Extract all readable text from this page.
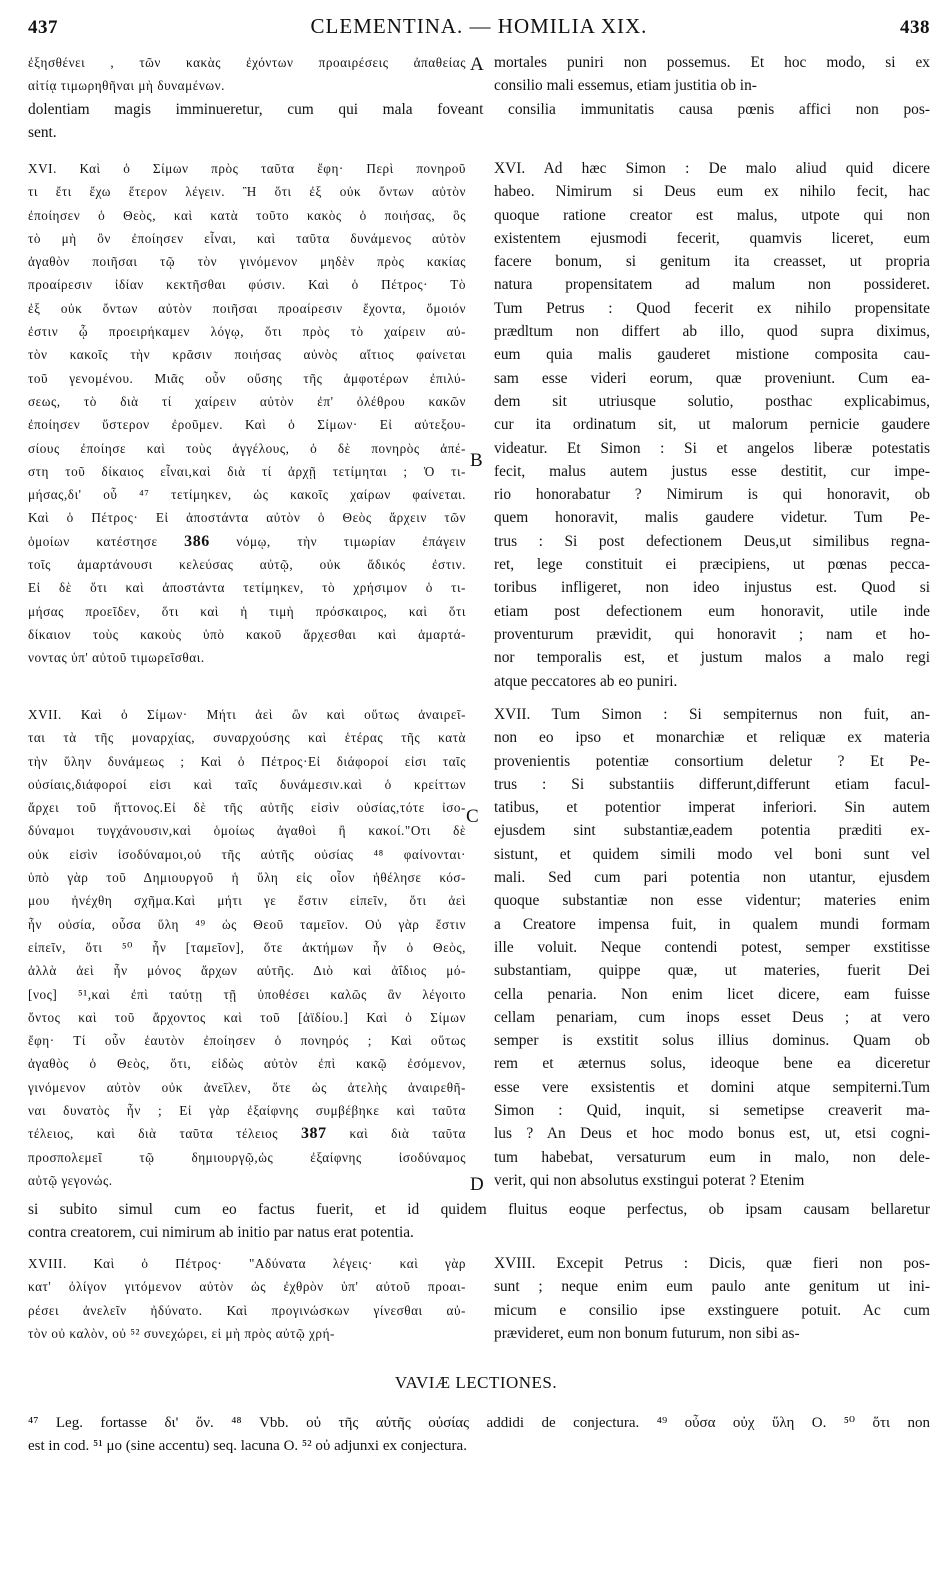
437	CLEMENTINA. — HOMILIA XIX.	438
ἐξησθένει , τῶν κακὰς ἐχόντων προαιρέσεις ἀπαθείας
αἰτίᾳ τιμωρηθῆναι μὴ δυναμένων.
mortales puniri non possemus. Et hoc modo, si ex
consilio mali essemus, etiam justitia ob in-
dolentiam magis imminueretur, cum qui mala foveant consilia immunitatis causa pœnis affici non pos-
sent.
XVI. Καὶ ὁ Σίμων πρὸς ταῦτα ἔφη· Περὶ πονηροῦ
τι ἔτι ἔχω ἕτερον λέγειν. Ἢ ὅτι ἐξ οὐκ ὄντων αὐτὸν
ἐποίησεν ὁ Θεὸς, καὶ κατὰ τοῦτο κακὸς ὁ ποιήσας, ὃς
τὸ μὴ ὂν ἐποίησεν εἶναι, καὶ ταῦτα δυνάμενος αὐτὸν
ἀγαθὸν ποιῆσαι τῷ τὸν γινόμενον μηδὲν πρὸς κακίας
προαίρεσιν ἰδίαν κεκτῆσθαι φύσιν. Καὶ ὁ Πέτρος· Τὸ
ἐξ οὐκ ὄντων αὐτὸν ποιῆσαι προαίρεσιν ἔχοντα, ὅμοιόν
ἐστιν ᾧ προειρήκαμεν λόγῳ, ὅτι πρὸς τὸ χαίρειν αὐ-
τὸν κακοῖς τὴν κρᾶσιν ποιήσας αὐνὸς αἴτιος φαίνεται
τοῦ γενομένου. Μιᾶς οὖν οὔσης τῆς ἀμφοτέρων ἐπιλύ-
σεως, τὸ διὰ τί χαίρειν αὐτὸν ἐπ' ὀλέθρου κακῶν
ἐποίησεν ὕστερον ἐροῦμεν. Καὶ ὁ Σίμων· Εἰ αὐτεξου-
σίους ἐποίησε καὶ τοὺς ἀγγέλους, ὁ δὲ πονηρὸς ἀπέ-
στη τοῦ δίκαιος εἶναι,καὶ διὰ τί ἀρχῇ τετίμηται ; Ὁ τι-
μήσας,δι' οὗ ⁴⁷ τετίμηκεν, ὡς κακοῖς χαίρων φαίνεται.
Καὶ ὁ Πέτρος· Εἰ ἀποστάντα αὐτὸν ὁ Θεὸς ἄρχειν τῶν
ὁμοίων κατέστησε 386 νόμῳ, τὴν τιμωρίαν ἐπάγειν
τοῖς ἁμαρτάνουσι κελεύσας αὐτῷ, οὐκ ἄδικός ἐστιν.
Εἰ δὲ ὅτι καὶ ἀποστάντα τετίμηκεν, τὸ χρήσιμον ὁ τι-
μήσας προεῖδεν, ὅτι καὶ ἡ τιμὴ πρόσκαιρος, καὶ ὅτι
δίκαιον τοὺς κακοὺς ὑπὸ κακοῦ ἄρχεσθαι καὶ ἁμαρτά-
νοντας ὑπ' αὐτοῦ τιμωρεῖσθαι.
XVI. Ad hæc Simon : De malo aliud quid dicere
habeo. Nimirum si Deus eum ex nihilo fecit, hac
quoque ratione creator est malus, utpote qui non
existentem ejusmodi fecerit, quamvis liceret, eum
facere bonum, si genitum ita creasset, ut propria
natura propensitatem ad malum non possideret.
Tum Petrus : Quod fecerit ex nihilo propensitate
prædltum non differt ab illo, quod supra diximus,
eum quia malis gauderet mistione composita cau-
sam esse videri eorum, quæ proveniunt. Cum ea-
dem sit utriusque solutio, posthac explicabimus,
cur ita ordinatum sit, ut malorum pernicie gaudere
videatur. Et Simon : Si et angelos liberæ potestatis
fecit, malus autem justus esse destitit, cur impe-
rio honorabatur ? Nimirum is qui honoravit, ob
quem honoravit, malis gaudere videtur. Tum Pe-
trus : Si post defectionem Deus,ut similibus regna-
ret, lege constituit ei præcipiens, ut pœnas pecca-
toribus infligeret, non ideo injustus est. Quod si
etiam post defectionem eum honoravit, utile inde
proventurum prævidit, qui honoravit ; nam et ho-
nor temporalis est, et justum malos a malo regi
atque peccatores ab eo puniri.
XVII. Καὶ ὁ Σίμων· Μήτι ἀεὶ ὢν καὶ οὕτως ἀναιρεῖ-
ται τὰ τῆς μοναρχίας, συναρχούσης καὶ ἑτέρας τῆς κατὰ
τὴν ὕλην δυνάμεως ; Καὶ ὁ Πέτρος·Εἰ διάφοροί εἰσι ταῖς
οὐσίαις,διάφοροί εἰσι καὶ ταῖς δυνάμεσιν.καὶ ὁ κρείττων
ἄρχει τοῦ ἥττονος.Εἰ δὲ τῆς αὐτῆς εἰσὶν οὐσίας,τότε ἰσο-
δύναμοι τυγχάνουσιν,καὶ ὁμοίως ἀγαθοὶ ἢ κακοί."Οτι δὲ
οὐκ εἰσὶν ἰσοδύναμοι,οὐ τῆς αὐτῆς οὐσίας ⁴⁸ φαίνονται·
ὑπὸ γὰρ τοῦ Δημιουργοῦ ἡ ὕλη εἰς οἷον ἠθέλησε κόσ-
μου ἠνέχθη σχῆμα.Καὶ μήτι γε ἔστιν εἰπεῖν, ὅτι ἀεὶ
ἦν οὐσία, οὖσα ὕλη ⁴⁹ ὡς Θεοῦ ταμεῖον. Οὐ γὰρ ἔστιν
εἰπεῖν, ὅτι ⁵⁰ ἦν [ταμεῖον], ὅτε ἀκτήμων ἦν ὁ Θεὸς,
ἀλλὰ ἀεὶ ἦν μόνος ἄρχων αὐτῆς. Διὸ καὶ ἀΐδιος μό-
[νος] ⁵¹,καὶ ἐπὶ ταύτῃ τῇ ὑποθέσει καλῶς ἂν λέγοιτο
ὄντος καὶ τοῦ ἄρχοντος καὶ τοῦ [ἀϊδίου.] Καὶ ὁ Σίμων
ἔφη· Τί οὖν ἑαυτὸν ἐποίησεν ὁ πονηρός ; Καὶ οὕτως
ἀγαθὸς ὁ Θεὸς, ὅτι, εἰδὼς αὐτὸν ἐπὶ κακῷ ἐσόμενον,
γινόμενον αὐτὸν οὐκ ἀνεῖλεν, ὅτε ὡς ἀτελὴς ἀναιρεθῆ-
ναι δυνατὸς ἦν ; Εἰ γὰρ ἐξαίφνης συμβέβηκε καὶ ταῦτα
τέλειος, καὶ διὰ ταῦτα τέλειος 387 καὶ διὰ ταῦτα
προσπολεμεῖ τῷ δημιουργῷ,ὡς ἐξαίφνης ἰσοδύναμος
αὐτῷ γεγονώς.
XVII. Tum Simon : Si sempiternus non fuit, an-
non eo ipso et monarchiæ et reliquæ ex materia
provenientis potentiæ consortium deletur ? Et Pe-
trus : Si substantiis differunt,differunt etiam facul-
tatibus, et potentior imperat inferiori. Sin autem
ejusdem sint substantiæ,eadem potentia præditi ex-
sistunt, et quidem simili modo vel boni sunt vel
mali. Sed cum pari potentia non utantur, ejusdem
quoque substantiæ non esse videntur; materies enim
a Creatore impensa fuit, in qualem mundi formam
ille voluit. Neque contendi potest, semper exstitisse
substantiam, quippe quæ, ut materies, fuerit Dei
cella penaria. Non enim licet dicere, eam fuisse
cellam penariam, cum inops esset Deus ; at vero
semper is exstitit solus illius dominus. Quam ob
rem et æternus solus, ideoque bene ea diceretur
esse vere exsistentis et domini atque sempiterni.Tum
Simon : Quid, inquit, si semetipse creaverit ma-
lus ? An Deus et hoc modo bonus est, ut, etsi cogni-
tum habebat, versaturum eum in malo, non dele-
verit, qui non absolutus exstingui poterat ? Etenim
si subito simul cum eo factus fuerit, et id quidem fluitus eoque perfectus, ob ipsam causam bellaretur
contra creatorem, cui nimirum ab initio par natus erat potentia.
XVIII. Καὶ ὁ Πέτρος· "Αδύνατα λέγεις· καὶ γὰρ
κατ' ὀλίγον γιτόμενον αὐτὸν ὡς ἐχθρὸν ὑπ' αὐτοῦ προαι-
ρέσει ἀνελεῖν ἠδύνατο. Καὶ προγινώσκων γίνεσθαι αὐ-
τὸν οὐ καλὸν, οὐ ⁵² συνεχώρει, εἰ μὴ πρὸς αὐτῷ χρή-
XVIII. Excepit Petrus : Dicis, quæ fieri non pos-
sunt ; neque enim eum paulo ante genitum ut ini-
micum e consilio ipse exstinguere potuit. Ac cum
prævideret, eum non bonum futurum, non sibi as-
A
B
C
D
VAVIÆ LECTIONES.
⁴⁷ Leg. fortasse δι' ὅν. ⁴⁸ Vbb. οὐ τῆς αὐτῆς οὐσίας addidi de conjectura. ⁴⁹ οὖσα οὐχ ὕλη O. ⁵⁰ ὅτι non
est in cod. ⁵¹ μο (sine accentu) seq. lacuna O. ⁵² οὐ adjunxi ex conjectura.
